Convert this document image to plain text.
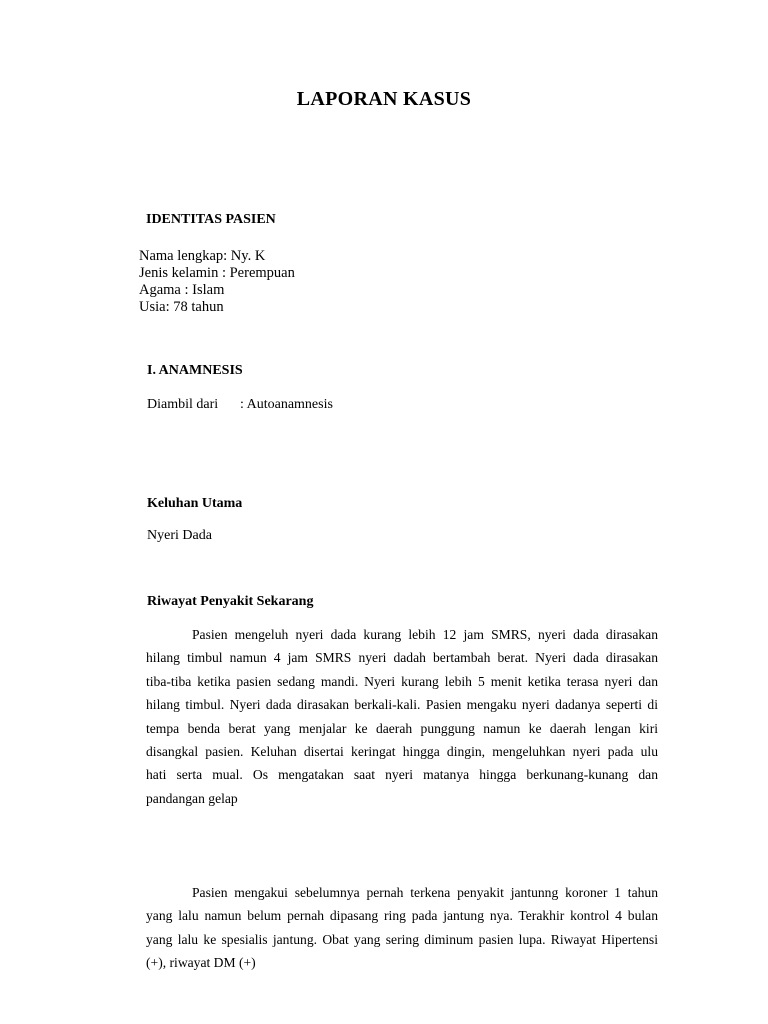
LAPORAN KASUS
IDENTITAS PASIEN
Nama lengkap: Ny. K
Jenis kelamin : Perempuan
Agama : Islam
Usia: 78 tahun
I. ANAMNESIS
Diambil dari : Autoanamnesis
Keluhan Utama
Nyeri Dada
Riwayat Penyakit Sekarang
Pasien mengeluh nyeri dada kurang lebih 12 jam SMRS, nyeri dada dirasakan
hilang timbul namun 4 jam SMRS nyeri dadah bertambah berat. Nyeri dada dirasakan
tiba-tiba ketika pasien sedang mandi. Nyeri kurang lebih 5 menit ketika terasa nyeri dan
hilang timbul. Nyeri dada dirasakan berkali-kali. Pasien mengaku nyeri dadanya seperti di
tempa benda berat yang menjalar ke daerah punggung namun ke daerah lengan kiri
disangkal pasien. Keluhan disertai keringat hingga dingin, mengeluhkan nyeri pada ulu
hati serta mual. Os mengatakan saat nyeri matanya hingga berkunang-kunang dan
pandangan gelap
Pasien mengakui sebelumnya pernah terkena penyakit jantunng koroner 1 tahun
yang lalu namun belum pernah dipasang ring pada jantung nya. Terakhir kontrol 4 bulan
yang lalu ke spesialis jantung. Obat yang sering diminum pasien lupa. Riwayat Hipertensi
(+), riwayat DM (+)
